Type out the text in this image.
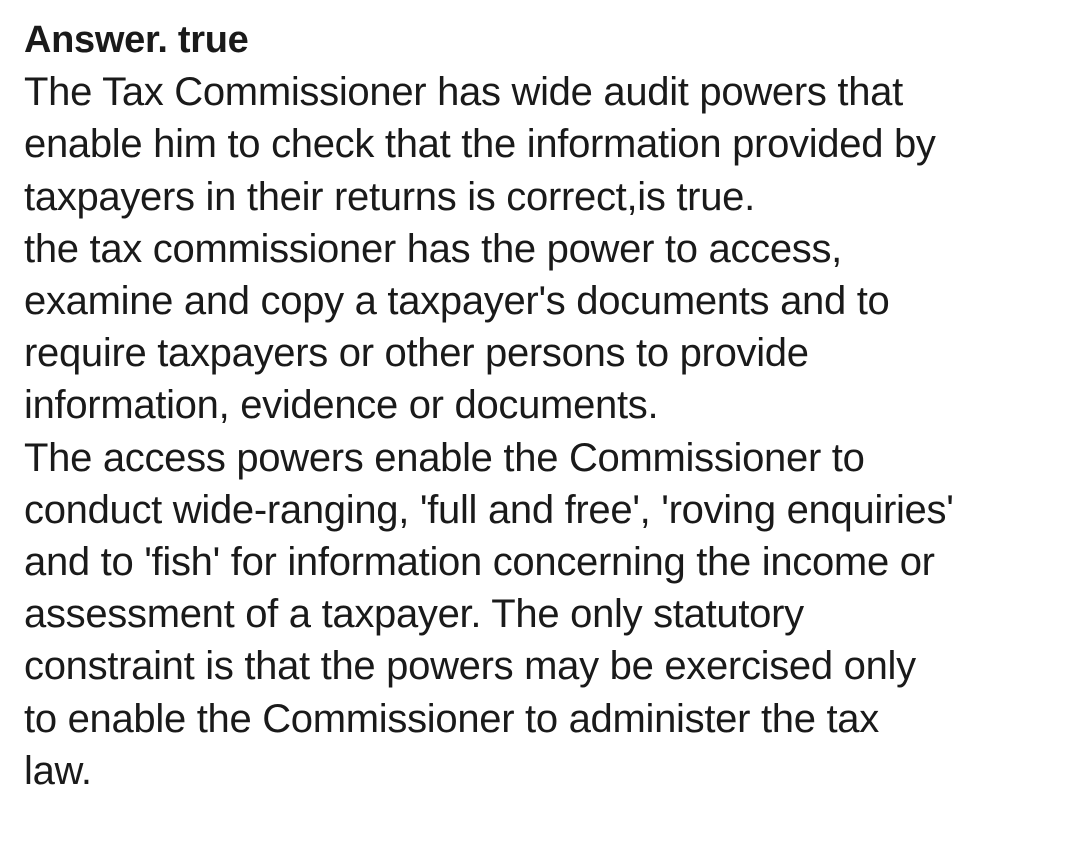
Answer. true
The Tax Commissioner has wide audit powers that
enable him to check that the information provided by
taxpayers in their returns is correct,is true.
the tax commissioner has the power to access,
examine and copy a taxpayer's documents and to
require taxpayers or other persons to provide
information, evidence or documents.
The access powers enable the Commissioner to
conduct wide-ranging, 'full and free', 'roving enquiries'
and to 'fish' for information concerning the income or
assessment of a taxpayer. The only statutory
constraint is that the powers may be exercised only
to enable the Commissioner to administer the tax
law.
